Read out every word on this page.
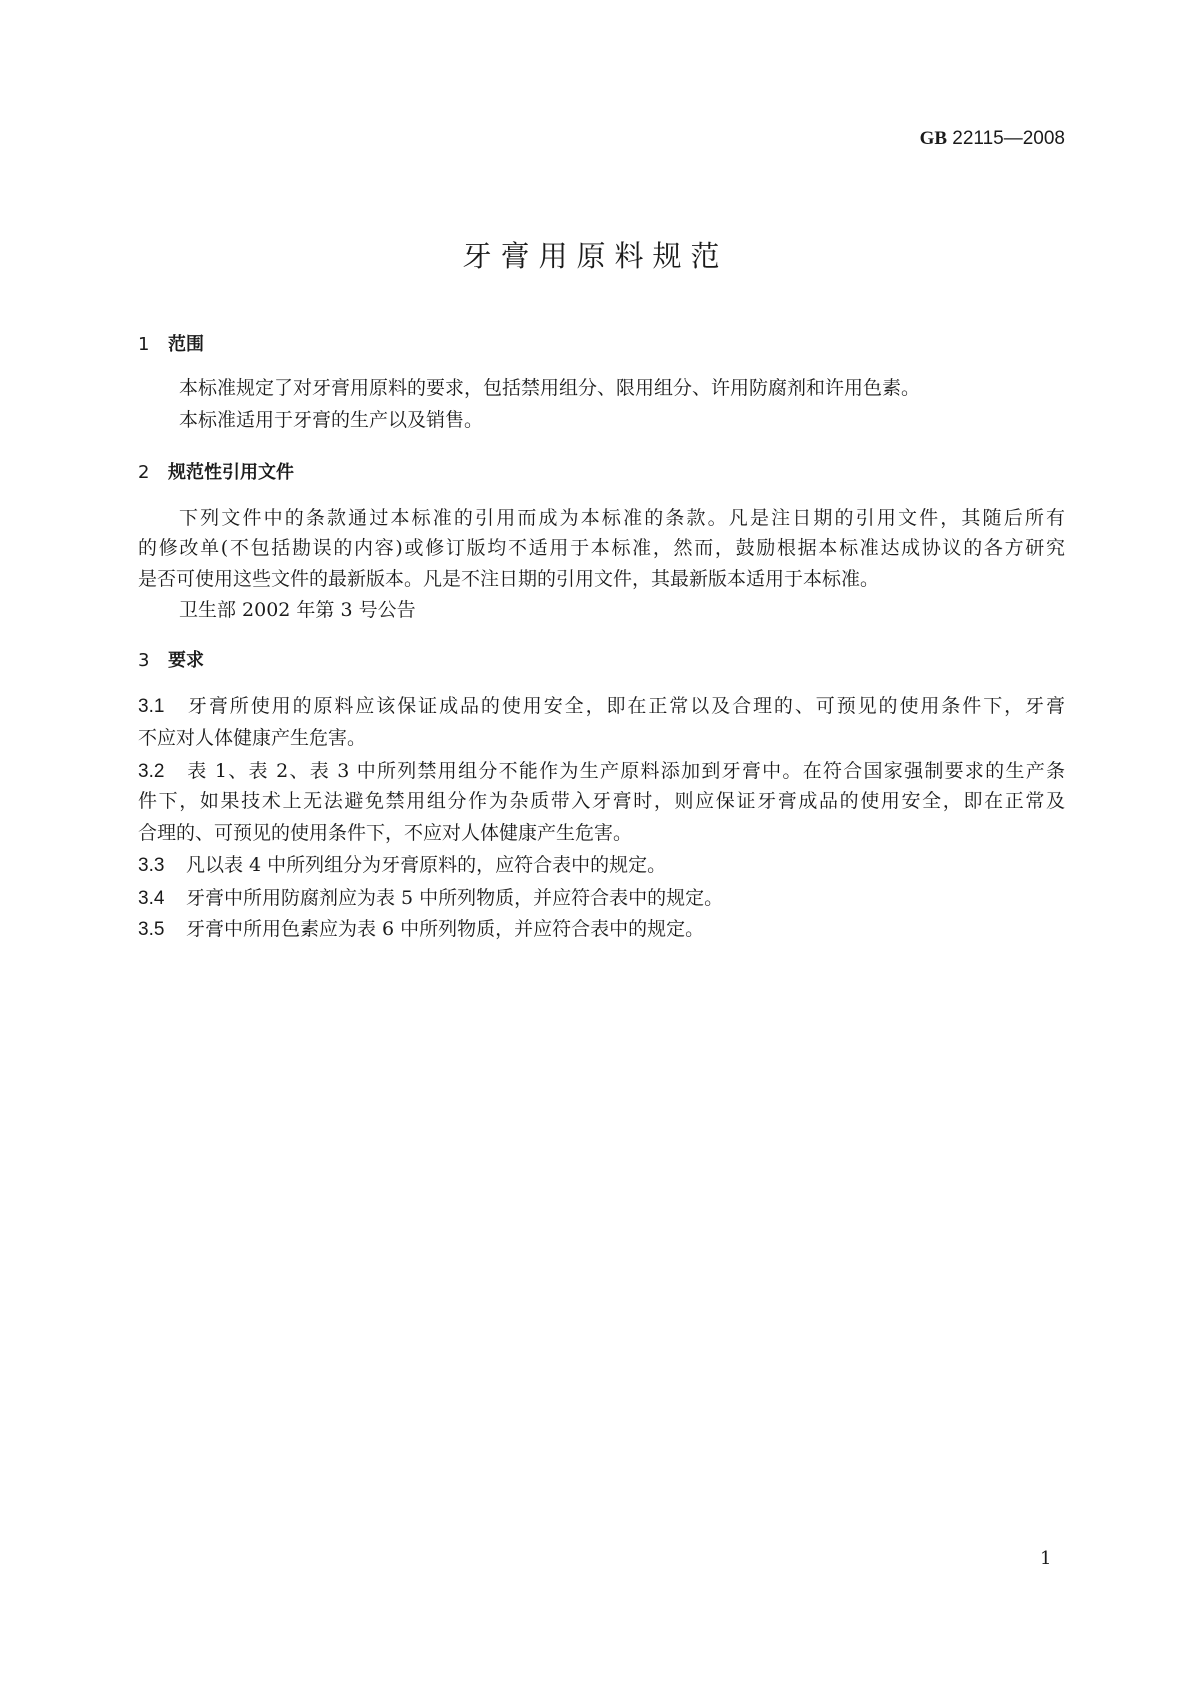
GB 22115—2008
牙膏用原料规范
1 范围
本标准规定了对牙膏用原料的要求，包括禁用组分、限用组分、许用防腐剂和许用色素。
本标准适用于牙膏的生产以及销售。
2 规范性引用文件
下列文件中的条款通过本标准的引用而成为本标准的条款。凡是注日期的引用文件，其随后所有
的修改单(不包括勘误的内容)或修订版均不适用于本标准，然而，鼓励根据本标准达成协议的各方研究
是否可使用这些文件的最新版本。凡是不注日期的引用文件，其最新版本适用于本标准。
卫生部 2002 年第 3 号公告
3 要求
3.1 牙膏所使用的原料应该保证成品的使用安全，即在正常以及合理的、可预见的使用条件下，牙膏
不应对人体健康产生危害。
3.2 表 1、表 2、表 3 中所列禁用组分不能作为生产原料添加到牙膏中。在符合国家强制要求的生产条
件下，如果技术上无法避免禁用组分作为杂质带入牙膏时，则应保证牙膏成品的使用安全，即在正常及
合理的、可预见的使用条件下，不应对人体健康产生危害。
3.3 凡以表 4 中所列组分为牙膏原料的，应符合表中的规定。
3.4 牙膏中所用防腐剂应为表 5 中所列物质，并应符合表中的规定。
3.5 牙膏中所用色素应为表 6 中所列物质，并应符合表中的规定。
1
